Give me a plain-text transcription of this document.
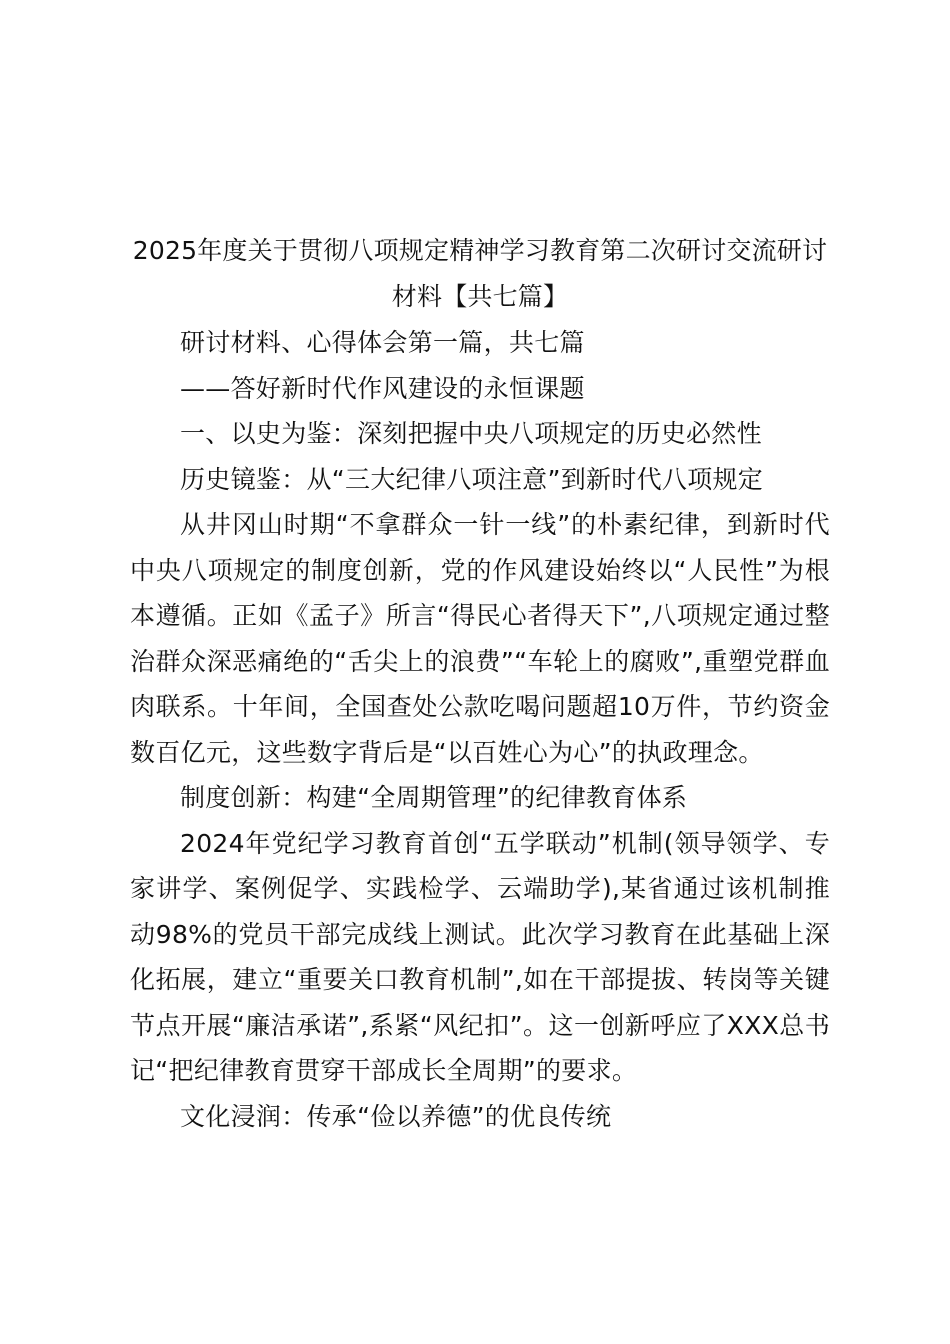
2025年度关于贯彻八项规定精神学习教育第二次研讨交流研讨材料【共七篇】

研讨材料、心得体会第一篇，共七篇

——答好新时代作风建设的永恒课题

一、以史为鉴：深刻把握中央八项规定的历史必然性

历史镜鉴：从“三大纪律八项注意”到新时代八项规定

从井冈山时期“不拿群众一针一线”的朴素纪律，到新时代中央八项规定的制度创新，党的作风建设始终以“人民性”为根本遵循。正如《孟子》所言“得民心者得天下”,八项规定通过整治群众深恶痛绝的“舌尖上的浪费”“车轮上的腐败”,重塑党群血肉联系。十年间，全国查处公款吃喝问题超10万件，节约资金数百亿元，这些数字背后是“以百姓心为心”的执政理念。

制度创新：构建“全周期管理”的纪律教育体系

2024年党纪学习教育首创“五学联动”机制(领导领学、专家讲学、案例促学、实践检学、云端助学),某省通过该机制推动98%的党员干部完成线上测试。此次学习教育在此基础上深化拓展，建立“重要关口教育机制”,如在干部提拔、转岗等关键节点开展“廉洁承诺”,系紧“风纪扣”。这一创新呼应了XXX总书记“把纪律教育贯穿干部成长全周期”的要求。

文化浸润：传承“俭以养德”的优良传统
